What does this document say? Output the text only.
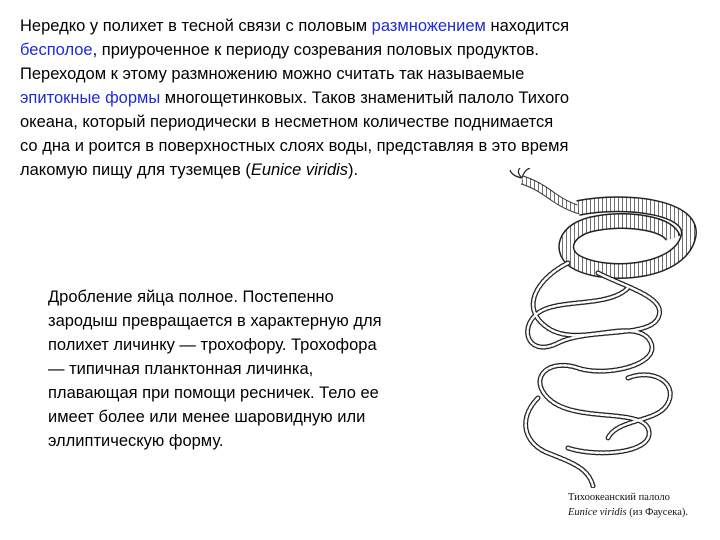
Нередко у полихет в тесной связи с половым размножением находится
бесполое, приуроченное к периоду созревания половых продуктов.
Переходом к этому размножению можно считать так называемые
эпитокные формы многощетинковых. Таков знаменитый палоло Тихого
океана, который периодически в несметном количестве поднимается
со дна и роится в поверхностных слоях воды, представляя в это время
лакомую пищу для туземцев (Eunice viridis).
Дробление яйца полное. Постепенно
зародыш превращается в характерную для
полихет личинку — трохофору. Трохофора
— типичная планктонная личинка,
плавающая при помощи ресничек. Тело ее
имеет более или менее шаровидную или
эллиптическую форму.
Тихоокеанский палоло
Eunice viridis (из Фаусека).
